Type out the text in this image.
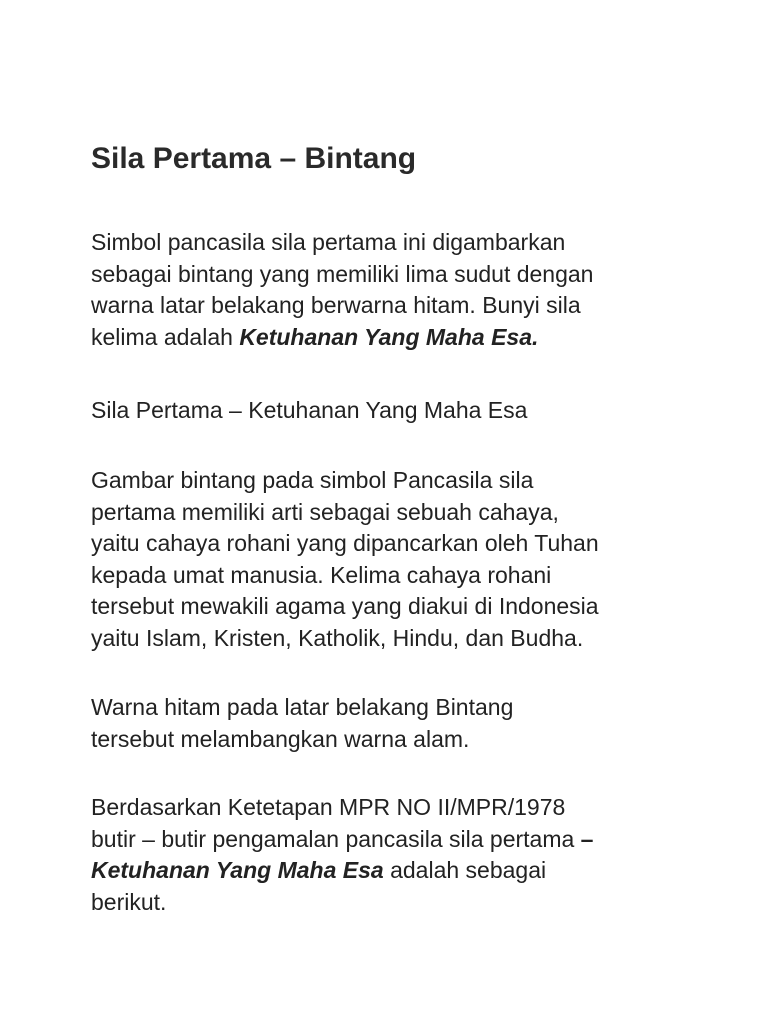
Sila Pertama – Bintang

Simbol pancasila sila pertama ini digambarkan
sebagai bintang yang memiliki lima sudut dengan
warna latar belakang berwarna hitam. Bunyi sila
kelima adalah Ketuhanan Yang Maha Esa.

Sila Pertama – Ketuhanan Yang Maha Esa

Gambar bintang pada simbol Pancasila sila
pertama memiliki arti sebagai sebuah cahaya,
yaitu cahaya rohani yang dipancarkan oleh Tuhan
kepada umat manusia. Kelima cahaya rohani
tersebut mewakili agama yang diakui di Indonesia
yaitu Islam, Kristen, Katholik, Hindu, dan Budha.

Warna hitam pada latar belakang Bintang
tersebut melambangkan warna alam.

Berdasarkan Ketetapan MPR NO II/MPR/1978
butir – butir pengamalan pancasila sila pertama –
Ketuhanan Yang Maha Esa adalah sebagai
berikut.
